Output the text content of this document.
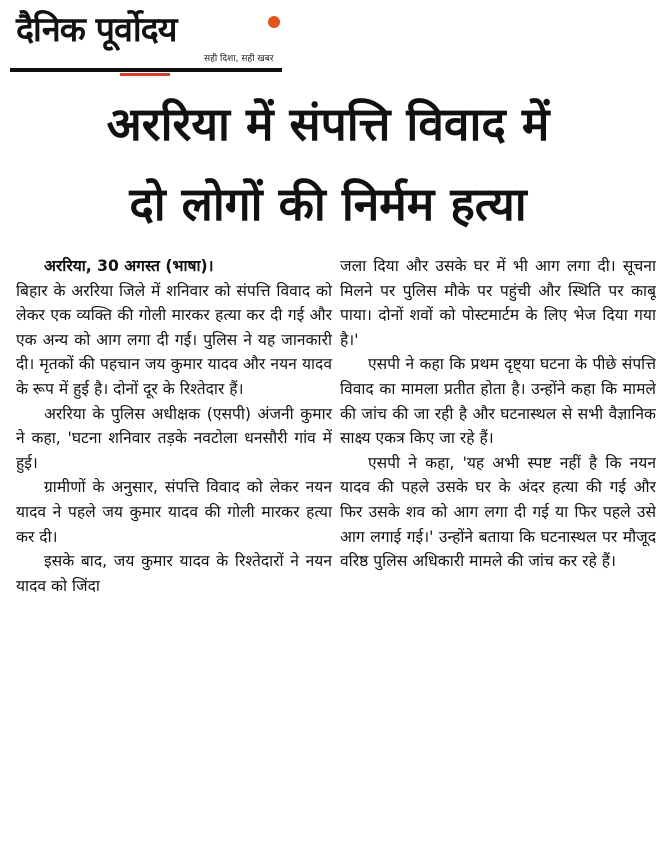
दैनिक पूर्वोदय
सही दिशा, सही खबर
अररिया में संपत्ति विवाद में
दो लोगों की निर्मम हत्या

अररिया, 30 अगस्त (भाषा)।

बिहार के अररिया जिले में शनिवार को संपत्ति विवाद को लेकर एक व्यक्ति की गोली मारकर हत्या कर दी गई और एक अन्य को आग लगा दी गई। पुलिस ने यह जानकारी दी। मृतकों की पहचान जय कुमार यादव और नयन यादव के रूप में हुई है। दोनों दूर के रिश्तेदार हैं।

अररिया के पुलिस अधीक्षक (एसपी) अंजनी कुमार ने कहा, 'घटना शनिवार तड़के नवटोला धनसौरी गांव में हुई।

ग्रामीणों के अनुसार, संपत्ति विवाद को लेकर नयन यादव ने पहले जय कुमार यादव की गोली मारकर हत्या कर दी।

इसके बाद, जय कुमार यादव के रिश्तेदारों ने नयन यादव को जिंदा

जला दिया और उसके घर में भी आग लगा दी। सूचना मिलने पर पुलिस मौके पर पहुंची और स्थिति पर काबू पाया। दोनों शवों को पोस्टमार्टम के लिए भेज दिया गया है।'

एसपी ने कहा कि प्रथम दृष्ट्या घटना के पीछे संपत्ति विवाद का मामला प्रतीत होता है। उन्होंने कहा कि मामले की जांच की जा रही है और घटनास्थल से सभी वैज्ञानिक साक्ष्य एकत्र किए जा रहे हैं।

एसपी ने कहा, 'यह अभी स्पष्ट नहीं है कि नयन यादव की पहले उसके घर के अंदर हत्या की गई और फिर उसके शव को आग लगा दी गई या फिर पहले उसे आग लगाई गई।' उन्होंने बताया कि घटनास्थल पर मौजूद वरिष्ठ पुलिस अधिकारी मामले की जांच कर रहे हैं।
